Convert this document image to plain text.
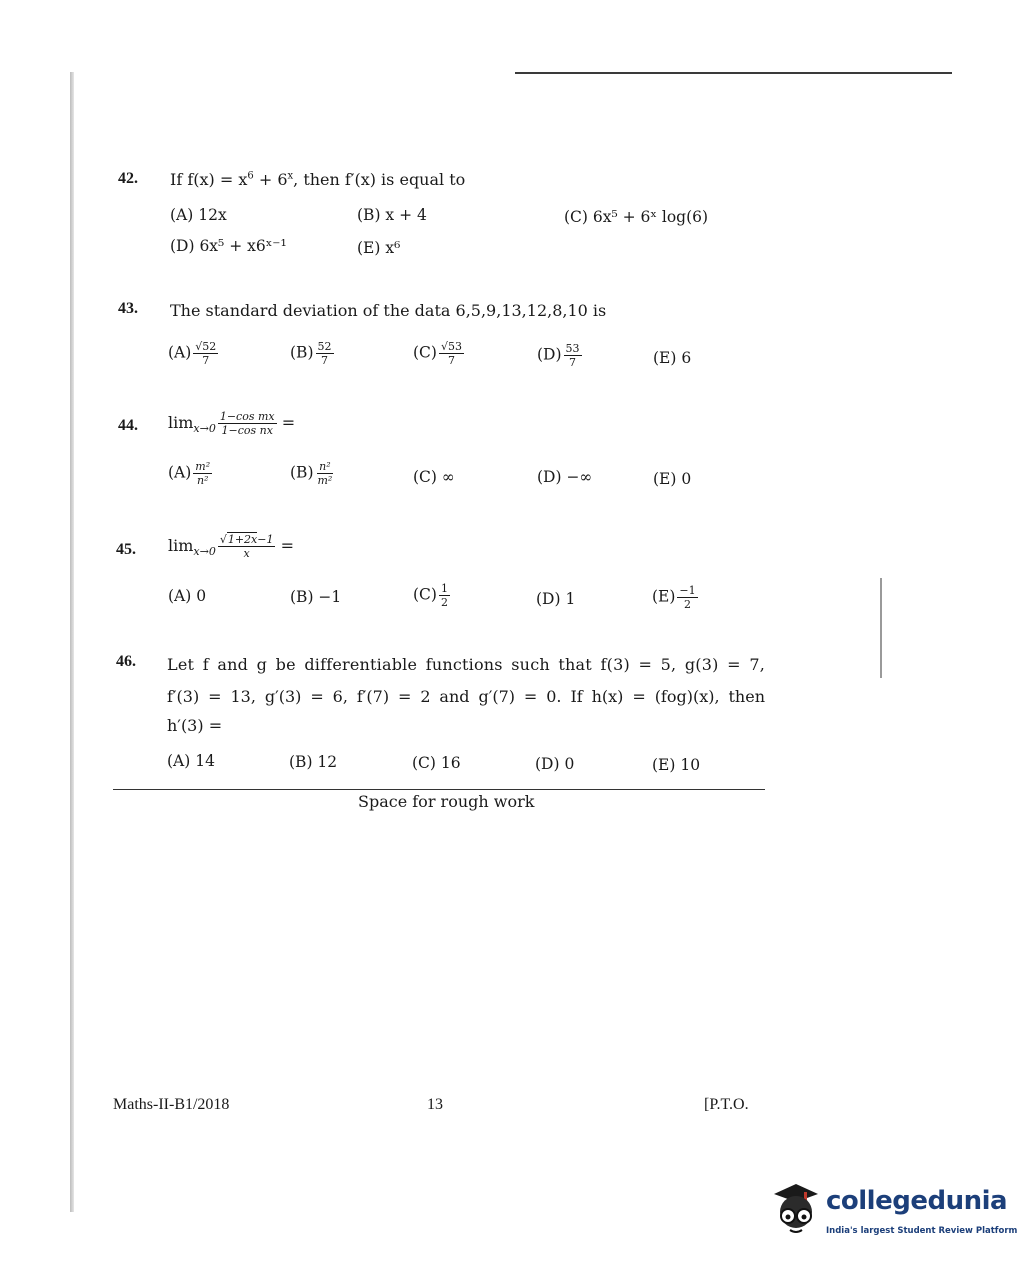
42. If $f(x) = x^6 + 6^x$, then f′(x) is equal to
(A) 12x	(B) x + 4	(C) 6x⁵ + 6ˣ log(6)
(D) 6x⁵ + x6ˣ⁻¹	(E) x⁶
43. The standard deviation of the data 6,5,9,13,12,8,10 is
$(A) \frac{√52}{7}$	$(B) \frac{52}{7}$	$(C) \frac{√53}{7}$	$(D) \frac{53}{7}$	(E) 6
44. $\lim_{x\to 0} \frac{\text{1−cos mx}}{\text{1−cos nx}}$ =
$(A) \frac{\text{m²}}{\text{n²}}$	$(B) \frac{\text{n²}}{\text{m²}}$	(C) ∞	(D) −∞	(E) 0
45. $\lim_{x\to 0} \frac{√1+2x-1}{x}$ =
(A) 0	(B) −1	$(C) \frac{1}{2}$	(D) 1	$(E) \frac{-1}{2}$
46. Let f and g be differentiable functions such that f(3) = 5, g(3) = 7,
f′(3) = 13, g′(3) = 6, f′(7) = 2 and g′(7) = 0. If h(x) = (fog)(x), then
h′(3) =
(A) 14	(B) 12	(C) 16	(D) 0	(E) 10
Space for rough work
Maths-II-B1/2018	13	[P.T.O.
collegedunia
India's largest Student Review Platform
